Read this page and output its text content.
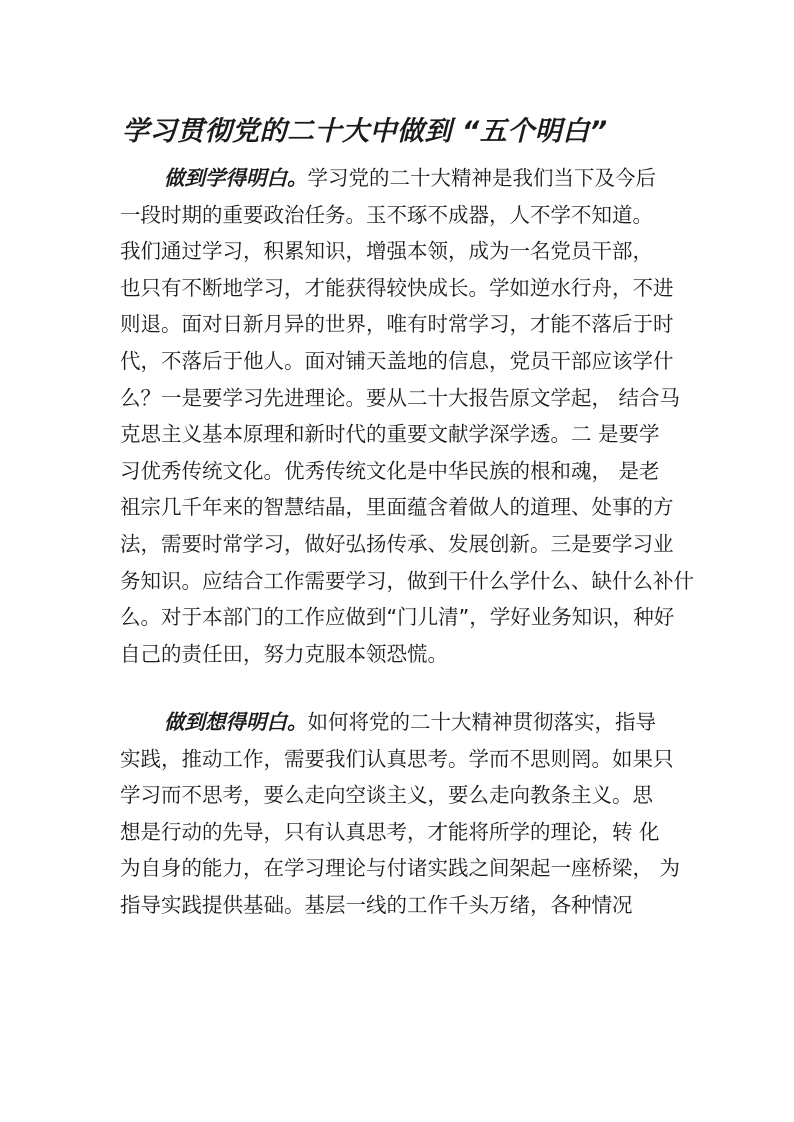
学习贯彻党的二十大中做到 “五个明白”

做到学得明白。学习党的二十大精神是我们当下及今后
一段时期的重要政治任务。玉不琢不成器，人不学不知道。
我们通过学习，积累知识，增强本领，成为一名党员干部，
也只有不断地学习，才能获得较快成长。学如逆水行舟，不进
则退。面对日新月异的世界，唯有时常学习，才能不落后于时
代，不落后于他人。面对铺天盖地的信息，党员干部应该学什
么？一是要学习先进理论。要从二十大报告原文学起， 结合马
克思主义基本原理和新时代的重要文献学深学透。二 是要学
习优秀传统文化。优秀传统文化是中华民族的根和魂， 是老
祖宗几千年来的智慧结晶，里面蕴含着做人的道理、处事的方
法，需要时常学习，做好弘扬传承、发展创新。三是要学习业
务知识。应结合工作需要学习，做到干什么学什么、缺什么补什
么。对于本部门的工作应做到“门儿清”，学好业务知识，种好
自己的责任田，努力克服本领恐慌。

做到想得明白。如何将党的二十大精神贯彻落实，指导
实践，推动工作，需要我们认真思考。学而不思则罔。如果只
学习而不思考，要么走向空谈主义，要么走向教条主义。思
想是行动的先导，只有认真思考，才能将所学的理论，转 化
为自身的能力，在学习理论与付诸实践之间架起一座桥梁， 为
指导实践提供基础。基层一线的工作千头万绪，各种情况
